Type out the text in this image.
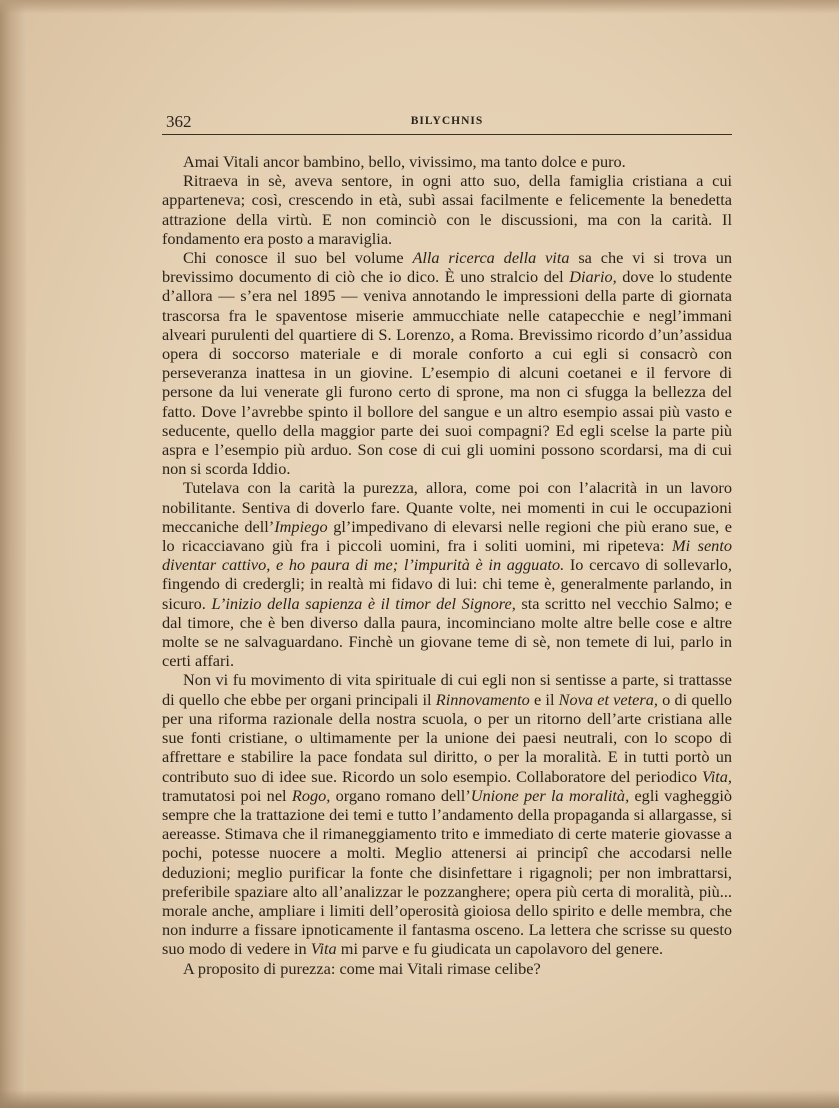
362	BILYCHNIS

Amai Vitali ancor bambino, bello, vivissimo, ma tanto dolce e puro.

Ritraeva in sè, aveva sentore, in ogni atto suo, della famiglia cristiana a cui apparteneva; così, crescendo in età, subì assai facilmente e felicemente la benedetta attrazione della virtù. E non cominciò con le discussioni, ma con la carità. Il fondamento era posto a maraviglia.

Chi conosce il suo bel volume Alla ricerca della vita sa che vi si trova un brevissimo documento di ciò che io dico. È uno stralcio del Diario, dove lo studente d’allora — s’era nel 1895 — veniva annotando le impressioni della parte di giornata trascorsa fra le spaventose miserie ammucchiate nelle catapecchie e negl’immani alveari purulenti del quartiere di S. Lorenzo, a Roma. Brevissimo ricordo d’un’assidua opera di soccorso materiale e di morale conforto a cui egli si consacrò con perseveranza inattesa in un giovine. L’esempio di alcuni coetanei e il fervore di persone da lui venerate gli furono certo di sprone, ma non ci sfugga la bellezza del fatto. Dove l’avrebbe spinto il bollore del sangue e un altro esempio assai più vasto e seducente, quello della maggior parte dei suoi compagni? Ed egli scelse la parte più aspra e l’esempio più arduo. Son cose di cui gli uomini possono scordarsi, ma di cui non si scorda Iddio.

Tutelava con la carità la purezza, allora, come poi con l’alacrità in un lavoro nobilitante. Sentiva di doverlo fare. Quante volte, nei momenti in cui le occupazioni meccaniche dell’Impiego gl’impedivano di elevarsi nelle regioni che più erano sue, e lo ricacciavano giù fra i piccoli uomini, fra i soliti uomini, mi ripeteva: Mi sento diventar cattivo, e ho paura di me; l’impurità è in agguato. Io cercavo di sollevarlo, fingendo di credergli; in realtà mi fidavo di lui: chi teme è, generalmente parlando, in sicuro. L’inizio della sapienza è il timor del Signore, sta scritto nel vecchio Salmo; e dal timore, che è ben diverso dalla paura, incominciano molte altre belle cose e altre molte se ne salvaguardano. Finchè un giovane teme di sè, non temete di lui, parlo in certi affari.

Non vi fu movimento di vita spirituale di cui egli non si sentisse a parte, si trattasse di quello che ebbe per organi principali il Rinnovamento e il Nova et vetera, o di quello per una riforma razionale della nostra scuola, o per un ritorno dell’arte cristiana alle sue fonti cristiane, o ultimamente per la unione dei paesi neutrali, con lo scopo di affrettare e stabilire la pace fondata sul diritto, o per la moralità. E in tutti portò un contributo suo di idee sue. Ricordo un solo esempio. Collaboratore del periodico Vita, tramutatosi poi nel Rogo, organo romano dell’Unione per la moralità, egli vagheggiò sempre che la trattazione dei temi e tutto l’andamento della propaganda si allargasse, si aereasse. Stimava che il rimaneggiamento trito e immediato di certe materie giovasse a pochi, potesse nuocere a molti. Meglio attenersi ai principî che accodarsi nelle deduzioni; meglio purificar la fonte che disinfettare i rigagnoli; per non imbrattarsi, preferibile spaziare alto all’analizzar le pozzanghere; opera più certa di moralità, più... morale anche, ampliare i limiti dell’operosità gioiosa dello spirito e delle membra, che non indurre a fissare ipnoticamente il fantasma osceno. La lettera che scrisse su questo suo modo di vedere in Vita mi parve e fu giudicata un capolavoro del genere.

A proposito di purezza: come mai Vitali rimase celibe?
